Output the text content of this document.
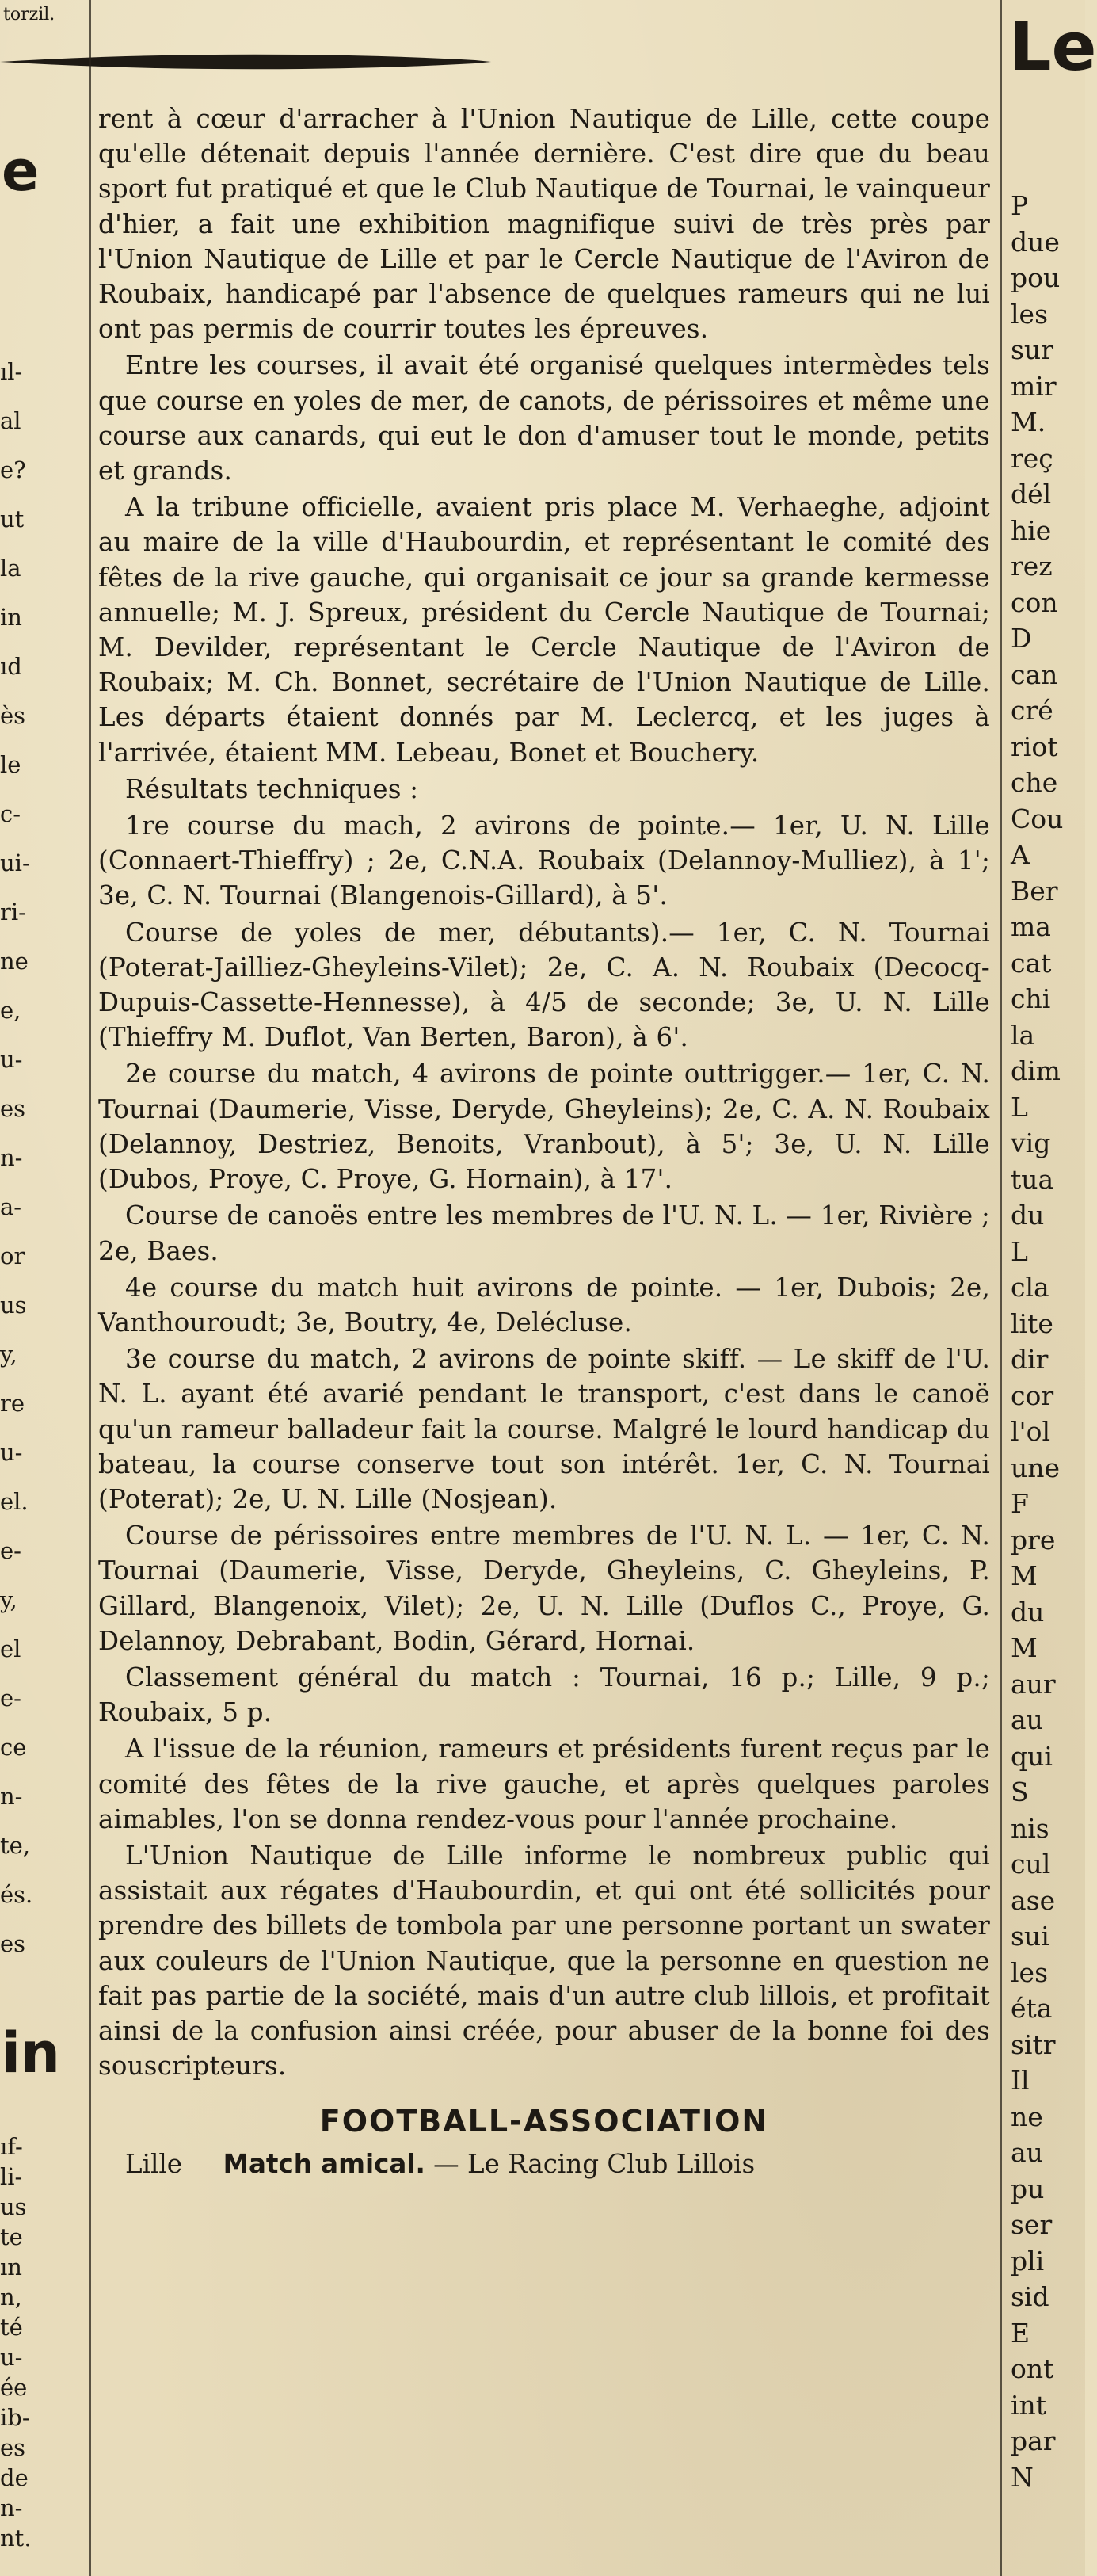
torzil.
e
ıl-
al
e?
ut
la
in
ıd
ès
le
c-
ui-
ri-
ne
e,
u-
es
n-
a-
or
us
y,
re
u-
el.
e-
y,
el
e-
ce
n-
te,
és.
es
ıf-
li-
us
te
ın
n,
té
u-
ée
ib-
es
de
n-
nt.
in

rent à cœur d'arracher à l'Union Nautique de Lille, cette coupe qu'elle détenait depuis l'année dernière. C'est dire que du beau sport fut pratiqué et que le Club Nautique de Tournai, le vainqueur d'hier, a fait une exhibition magnifique suivi de très près par l'Union Nautique de Lille et par le Cercle Nautique de l'Aviron de Roubaix, handicapé par l'absence de quelques rameurs qui ne lui ont pas permis de courrir toutes les épreuves.

Entre les courses, il avait été organisé quelques intermèdes tels que course en yoles de mer, de canots, de périssoires et même une course aux canards, qui eut le don d'amuser tout le monde, petits et grands.

A la tribune officielle, avaient pris place M. Verhaeghe, adjoint au maire de la ville d'Haubourdin, et représentant le comité des fêtes de la rive gauche, qui organisait ce jour sa grande kermesse annuelle; M. J. Spreux, président du Cercle Nautique de Tournai; M. Devilder, représentant le Cercle Nautique de l'Aviron de Roubaix; M. Ch. Bonnet, secrétaire de l'Union Nautique de Lille. Les départs étaient donnés par M. Leclercq, et les juges à l'arrivée, étaient MM. Lebeau, Bonet et Bouchery.

Résultats techniques :

1re course du mach, 2 avirons de pointe.— 1er, U. N. Lille (Connaert-Thieffry) ; 2e, C.N.A. Roubaix (Delannoy-Mulliez), à 1'; 3e, C. N. Tournai (Blangenois-Gillard), à 5'.

Course de yoles de mer, débutants).— 1er, C. N. Tournai (Poterat-Jailliez-Gheyleins-Vilet); 2e, C. A. N. Roubaix (Decocq-Dupuis-Cassette-Hennesse), à 4/5 de seconde; 3e, U. N. Lille (Thieffry M. Duflot, Van Berten, Baron), à 6'.

2e course du match, 4 avirons de pointe outtrigger.— 1er, C. N. Tournai (Daumerie, Visse, Deryde, Gheyleins); 2e, C. A. N. Roubaix (Delannoy, Destriez, Benoits, Vranbout), à 5'; 3e, U. N. Lille (Dubos, Proye, C. Proye, G. Hornain), à 17'.

Course de canoës entre les membres de l'U. N. L. — 1er, Rivière ; 2e, Baes.

4e course du match huit avirons de pointe. — 1er, Dubois; 2e, Vanthouroudt; 3e, Boutry, 4e, Delécluse.

3e course du match, 2 avirons de pointe skiff. — Le skiff de l'U. N. L. ayant été avarié pendant le transport, c'est dans le canoë qu'un rameur balladeur fait la course. Malgré le lourd handicap du bateau, la course conserve tout son intérêt. 1er, C. N. Tournai (Poterat); 2e, U. N. Lille (Nosjean).

Course de périssoires entre membres de l'U. N. L. — 1er, C. N. Tournai (Daumerie, Visse, Deryde, Gheyleins, C. Gheyleins, P. Gillard, Blangenoix, Vilet); 2e, U. N. Lille (Duflos C., Proye, G. Delannoy, Debrabant, Bodin, Gérard, Hornai.

Classement général du match : Tournai, 16 p.; Lille, 9 p.; Roubaix, 5 p.

A l'issue de la réunion, rameurs et présidents furent reçus par le comité des fêtes de la rive gauche, et après quelques paroles aimables, l'on se donna rendez-vous pour l'année prochaine.

L'Union Nautique de Lille informe le nombreux public qui assistait aux régates d'Haubourdin, et qui ont été sollicités pour prendre des billets de tombola par une personne portant un swater aux couleurs de l'Union Nautique, que la personne en question ne fait pas partie de la société, mais d'un autre club lillois, et profitait ainsi de la confusion ainsi créée, pour abuser de la bonne foi des souscripteurs.

FOOTBALL-ASSOCIATION
Lille Match amical. — Le Racing Club Lillois
Le
P
due
pou
les
sur
mir
M.
reç
dél
hie
rez
con
D
can
cré
riot
che
Cou
A
Ber
ma
cat
chi
la
dim
L
vig
tua
du
L
cla
lite
dir
cor
l'ol
une
F
pre
M
du
M
aur
au
qui
S
nis
cul
ase
sui
les
éta
sitr
Il
ne
au
pu
ser
pli
sid
E
ont
int
par
N
